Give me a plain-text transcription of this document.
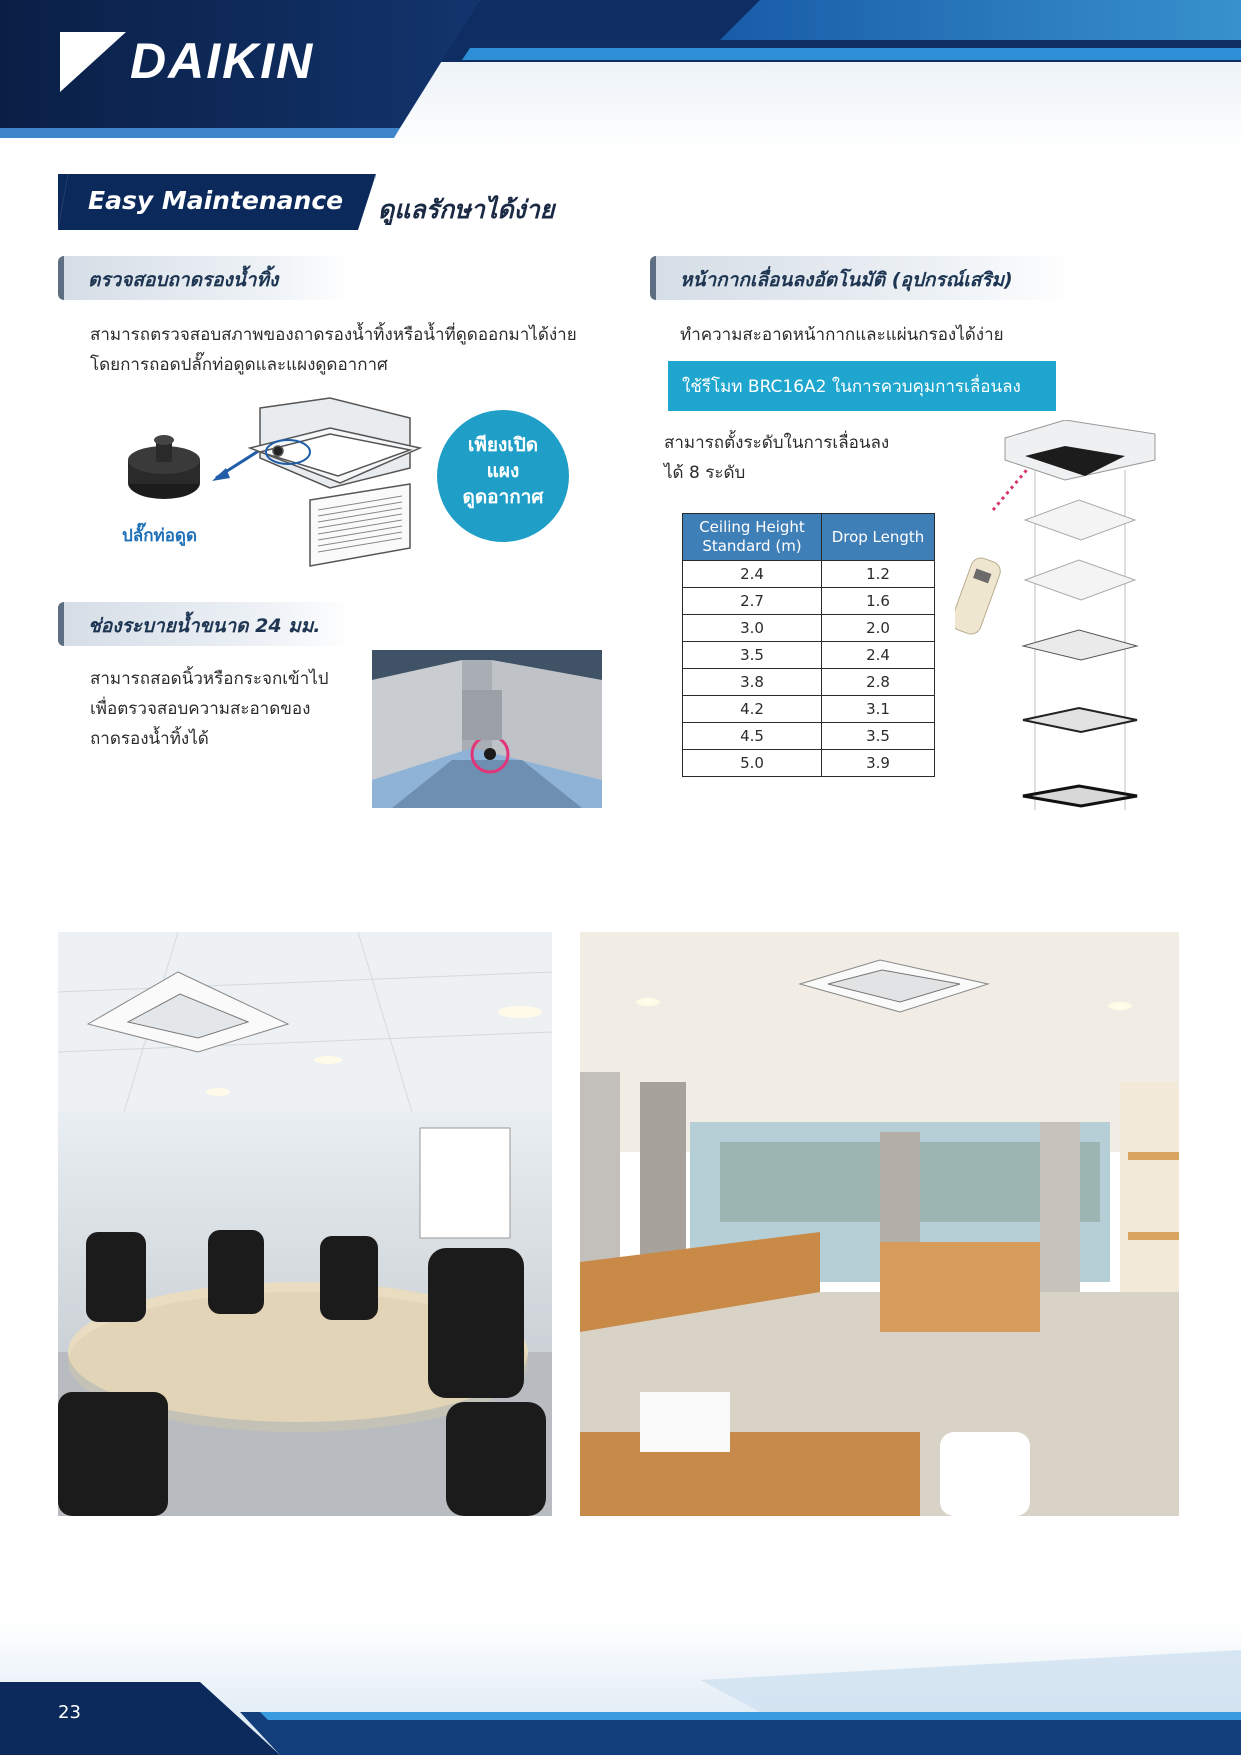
DAIKIN
Easy Maintenance ดูแลรักษาได้ง่าย
ตรวจสอบถาดรองน้ำทิ้ง
สามารถตรวจสอบสภาพของถาดรองน้ำทิ้งหรือน้ำที่ดูดออกมาได้ง่าย
โดยการถอดปลั๊กท่อดูดและแผงดูดอากาศ
ปลั๊กท่อดูด
เพียงเปิด
แผง
ดูดอากาศ
ช่องระบายน้ำขนาด 24 มม.
สามารถสอดนิ้วหรือกระจกเข้าไป
เพื่อตรวจสอบความสะอาดของ
ถาดรองน้ำทิ้งได้
หน้ากากเลื่อนลงอัตโนมัติ (อุปกรณ์เสริม)
ทำความสะอาดหน้ากากและแผ่นกรองได้ง่าย
ใช้รีโมท BRC16A2 ในการควบคุมการเลื่อนลง
สามารถตั้งระดับในการเลื่อนลง
ได้ 8 ระดับ
Ceiling Height
Standard (m)	Drop Length
2.4	1.2
2.7	1.6
3.0	2.0
3.5	2.4
3.8	2.8
4.2	3.1
4.5	3.5
5.0	3.9
23
